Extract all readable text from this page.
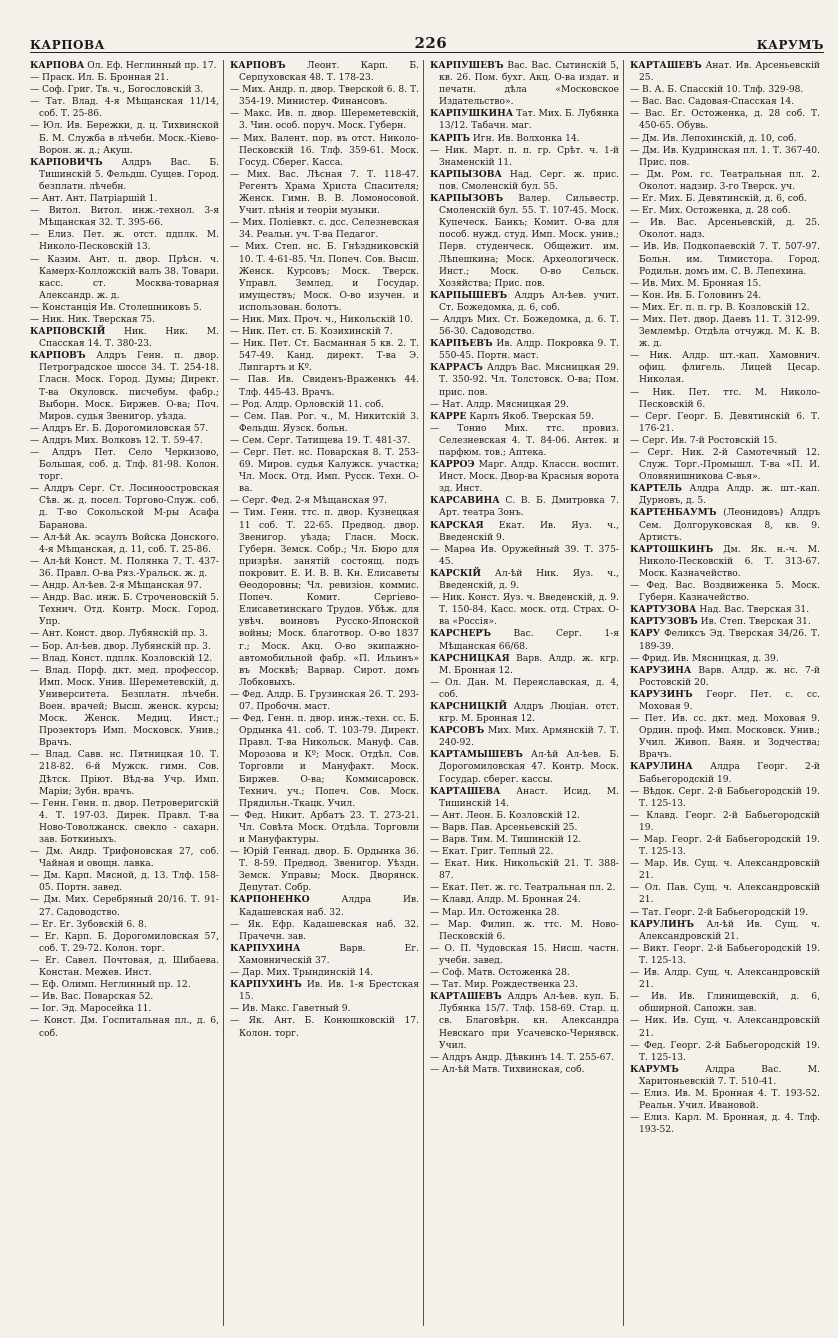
КАРПОВА	226	КАРУМЪ

КАРПОВА Ол. Еф. Неглинный пр. 17.

— Праск. Ил. Б. Бронная 21.

— Соф. Григ. Тв. ч., Богословскій 3.

— Тат. Влад. 4-я Мѣщанская 11/14, соб. Т. 25-86.

— Юл. Ив. Бережки, д. ц. Тихвинской Б. М. Служба в лѣчебн. Моск.-Кіево-Ворон. ж. д.; Акуш.

КАРПОВИЧЪ Алдръ Вас. Б. Тишинскій 5. Фельдш. Сущев. Город. безплатн. лѣчебн.

— Ант. Ант. Патріаршій 1.

— Витол. Витол. инж.-технол. 3-я Мѣщанская 32. Т. 395-66.

— Елиз. Пет. ж. отст. пдплк. М. Николо-Песковскій 13.

— Казим. Ант. п. двор. Прѣсн. ч. Камерх-Колложскій валъ 38. Товари. касс. ст. Москва-товарная Александр. ж. д.

— Констанція Ив. Столешниковъ 5.

— Ник. Ник. Тверская 75.

КАРПОВСКІЙ Ник. Ник. М. Спасская 14. Т. 380-23.

КАРПОВЪ Алдръ Генн. п. двор. Петроградское шоссе 34. Т. 254-18. Гласн. Моск. Город. Думы; Директ. Т-ва Окуловск. писчебум. фабр.; Выборн. Моск. Биржев. О-ва; Поч. Миров. судья Звенигор. уѣзда.

— Алдръ Ег. Б. Дорогомиловская 57.

— Алдръ Мих. Волковъ 12. Т. 59-47.

— Алдръ Пет. Село Черкизово, Большая, соб. д. Тлф. 81-98. Колон. торг.

— Алдръ Серг. Ст. Лосиноостровская Сѣв. ж. д. посел. Торгово-Служ. соб. д. Т-во Сокольской М-ры Асафа Баранова.

— Ал-ѣй Ак. эсаулъ Войска Донского. 4-я Мѣщанская, д. 11, соб. Т. 25-86.

— Ал-ѣй Конст. М. Полянка 7. Т. 437-36. Правл. О-ва Ряз.-Уральск. ж. д.

— Андр. Ал-ѣев. 2-я Мѣщанская 97.

— Андр. Вас. инж. Б. Строченовскій 5. Технич. Отд. Контр. Моск. Город. Упр.

— Ант. Конст. двор. Лубянскій пр. 3.

— Бор. Ал-ѣев. двор. Лубянскій пр. 3.

— Влад. Конст. пдплк. Козловскій 12.

— Влад. Порф. дкт. мед. профессор. Имп. Моск. Унив. Шереметевскій, д. Университета. Безплатн. лѣчебн. Воен. врачей; Высш. женск. курсы; Моск. Женск. Медиц. Инст.; Прозекторъ Имп. Московск. Унив.; Врачъ.

— Влад. Савв. нс. Пятницкая 10. Т. 218-82. 6-й Мужск. гимн. Сов. Дѣтск. Пріют. Вѣд-ва Учр. Имп. Маріи; Зубн. врачъ.

— Генн. Генн. п. двор. Петроверигскій 4. Т. 197-03. Дирек. Правл. Т-ва Ново-Товолжанск. свекло - сахарн. зав. Боткиныхъ.

— Дм. Андр. Трифоновская 27, соб. Чайная и овощн. лавка.

— Дм. Карп. Мясной, д. 13. Тлф. 158-05. Портн. завед.

— Дм. Мих. Серебряный 20/16. Т. 91-27. Садоводство.

— Ег. Ег. Зубовскій 6. 8.

— Ег. Карп. Б. Дорогомиловская 57, соб. Т. 29-72. Колон. торг.

— Ег. Савел. Почтовая, д. Шибаева. Констан. Межев. Инст.

— Еф. Олимп. Неглинный пр. 12.

— Ив. Вас. Поварская 52.

— Іог. Эд. Маросейка 11.

— Конст. Дм. Госпитальная пл., д. 6, соб.

КАРПОВЪ Леонт. Карп. Б. Серпуховская 48. Т. 178-23.

— Мих. Андр. п. двор. Тверской 6. 8. Т. 354-19. Министер. Финансовъ.

— Макс. Ив. п. двор. Шереметевскій, 3. Чин. особ. поруч. Моск. Губерн.

— Мих. Валент. пор. въ отст. Николо-Песковскій 16. Тлф. 359-61. Моск. Госуд. Сберег. Касса.

— Мих. Вас. Лѣсная 7. Т. 118-47. Регентъ Храма Христа Спасителя; Женск. Гимн. В. В. Ломоносовой. Учит. пѣнія и теоріи музыки.

— Мих. Поліевкт. с. дсс. Селезневская 34. Реальн. уч. Т-ва Педагог.

— Мих. Степ. нс. Б. Гнѣздниковскій 10. Т. 4-61-85. Чл. Попеч. Сов. Высш. Женск. Курсовъ; Моск. Тверск. Управл. Землед. и Государ. имуществъ; Моск. О-во изучен. и использован. болотъ.

— Ник. Мих. Проч. ч., Никольскій 10.

— Ник. Пет. ст. Б. Козихинскій 7.

— Ник. Пет. Ст. Басманная 5 кв. 2. Т. 547-49. Канд. директ. Т-ва Э. Липгартъ и Кº.

— Пав. Ив. Свиденъ-Враженкъ 44. Тлф. 445-43. Врачъ.

— Род. Алдр. Орловскій 11. соб.

— Сем. Пав. Рог. ч., М. Никитскій 3. Фельдш. Яузск. больн.

— Сем. Серг. Татищева 19. Т. 481-37.

— Серг. Пет. нс. Поварская 8. Т. 253-69. Миров. судья Калужск. участка; Чл. Моск. Отд. Имп. Русск. Техн. О-ва.

— Серг. Фед. 2-я Мѣщанская 97.

— Тим. Генн. ттс. п. двор. Кузнецкая 11 соб. Т. 22-65. Предвод. двор. Звенигор. уѣзда; Гласн. Моск. Губерн. Земск. Собр.; Чл. Бюро для призрѣн. занятій состоящ. подъ покровит. Е. И. В. В. Кн. Елисаветы Ѳеодоровны; Чл. ревизіон. коммис. Попеч. Комит. Сергіево-Елисаветинскаго Трудов. Убѣж. для увѣч. воиновъ Русско-Японской войны; Моск. благотвор. О-во 1837 г.; Моск. Акц. О-во экипажно-автомобильной фабр. «П. Ильинъ» въ Москвѣ; Варвар. Сирот. домъ Лобковыхъ.

— Фед. Алдр. Б. Грузинская 26. Т. 293-07. Пробочн. маст.

— Фед. Генн. п. двор. инж.-техн. сс. Б. Ордынка 41. соб. Т. 103-79. Директ. Правл. Т-ва Никольск. Мануф. Сав. Морозова и Кº; Моск. Отдѣл. Сов. Торговли и Мануфакт. Моск. Биржев. О-ва; Коммисаровск. Технич. уч.; Попеч. Сов. Моск. Прядильн.-Ткацк. Учил.

— Фед. Никит. Арбатъ 23. Т. 273-21. Чл. Совѣта Моск. Отдѣла. Торговли и Мануфактуры.

— Юрій Геннад. двор. Б. Ордынка 36. Т. 8-59. Предвод. Звенигор. Уѣздн. Земск. Управы; Моск. Дворянск. Депутат. Собр.

КАРПОНЕНКО Алдра Ив. Кадашевская наб. 32.

— Як. Ефр. Кадашевская наб. 32. Прачечн. зав.

КАРПУХИНА Варв. Ег. Хамовническій 37.

— Дар. Мих. Трындинскій 14.

КАРПУХИНЪ Ив. Ив. 1-я Брестская 15.

— Ив. Макс. Гаветный 9.

— Як. Ант. Б. Конюшковскій 17. Колон. торг.

КАРПУШЕВЪ Вас. Вас. Сытинскій 5, кв. 26. Пом. бухг. Акц. О-ва издат. и печатн. дѣла «Московское Издательство».

КАРПУШКИНА Тат. Мих. Б. Лубянка 13/12. Табачн. маг.

КАРПЪ Игн. Ив. Волхонка 14.

— Ник. Март. п. п. гр. Срѣт. ч. 1-й Знаменскій 11.

КАРПЫЗОВА Над. Серг. ж. прис. пов. Смоленскій бул. 55.

КАРПЫЗОВЪ Валер. Сильвестр. Смоленскій бул. 55. Т. 107-45. Моск. Купеческ. Банкъ; Комит. О-ва для пособ. нужд. студ. Имп. Моск. унив.; Перв. студенческ. Общежит. им. Лѣпешкина; Моск. Археологическ. Инст.; Моск. О-во Сельск. Хозяйства; Прис. пов.

КАРПЫШЕВЪ Алдръ Ал-ѣев. учит. Ст. Божедомка, д. 6, соб.

— Алдръ Мих. Ст. Божедомка, д. 6. Т. 56-30. Садоводство.

КАРПѢЕВЪ Ив. Алдр. Покровка 9. Т. 550-45. Портн. маст.

КАРРАСЪ Алдръ Вас. Мясницкая 29. Т. 350-92. Чл. Толстовск. О-ва; Пом. прис. пов.

— Нат. Алдр. Мясницкая 29.

КАРРЕ Карлъ Якоб. Тверская 59.

— Тонио Мих. ттс. провиз. Селезневская 4. Т. 84-06. Антек. и парфюм. тов.; Аптека.

КАРРОЭ Марг. Алдр. Классн. воспит. Инст. Моск. Двор-ва Красныя ворота зд. Инст.

КАРСАВИНА С. В. Б. Дмитровка 7. Арт. театра Зонъ.

КАРСКАЯ Екат. Ив. Яуз. ч., Введенскій 9.

— Марѳа Ив. Оружейный 39. Т. 375-45.

КАРСКІЙ Ал-ѣй Ник. Яуз. ч., Введенскій, д. 9.

— Ник. Конст. Яуз. ч. Введенскій, д. 9. Т. 150-84. Касс. моск. отд. Страх. О-ва «Россія».

КАРСНЕРЪ Вас. Серг. 1-я Мѣщанская 66/68.

КАРСНИЦКАЯ Варв. Алдр. ж. кгр. М. Бронная 12.

— Ол. Дан. М. Переяславская, д. 4, соб.

КАРСНИЦКІЙ Алдръ Люціан. отст. кгр. М. Бронная 12.

КАРСОВЪ Мих. Мих. Армянскій 7. Т. 240-92.

КАРТАМЫШЕВЪ Ал-ѣй Ал-ѣев. Б. Дорогомиловская 47. Контр. Моск. Государ. сберег. кассы.

КАРТАШЕВА Анаст. Исид. М. Тишинскій 14.

— Ант. Леон. Б. Козловскій 12.

— Варв. Пав. Арсеньевскій 25.

— Варв. Тим. М. Тишинскій 12.

— Екат. Григ. Теплый 22.

— Екат. Ник. Никольскій 21. Т. 388-87.

— Екат. Пет. ж. гс. Театральная пл. 2.

— Клавд. Алдр. М. Бронная 24.

— Мар. Ил. Остоженка 28.

— Мар. Филип. ж. ттс. М. Ново-Песковскій 6.

— О. П. Чудовская 15. Нисш. частн. учебн. завед.

— Соф. Матв. Остоженка 28.

— Тат. Мир. Рождественка 23.

КАРТАШЕВЪ Алдръ Ал-ѣев. куп. Б. Лубянка 15/7. Тлф. 158-69. Стар. ц. св. Благовѣрн. кн. Александра Невскаго при Усачевско-Чернявск. Учил.

— Алдръ Андр. Дѣвкинъ 14. Т. 255-67.

— Ал-ѣй Матв. Тихвинская, соб.

КАРТАШЕВЪ Анат. Ив. Арсеньевскій 25.

— В. А. Б. Спасскій 10. Тлф. 329-98.

— Вас. Вас. Садовая-Спасская 14.

— Вас. Ег. Остоженка, д. 28 соб. Т. 450-65. Обувь.

— Дм. Ив. Лепохинскій, д. 10, соб.

— Дм. Ив. Кудринская пл. 1. Т. 367-40. Прис. пов.

— Дм. Ром. гс. Театральная пл. 2. Околот. надзир. 3-го Тверск. уч.

— Ег. Мих. Б. Девятинскій, д. 6, соб.

— Ег. Мих. Остоженка, д. 28 соб.

— Ив. Вас. Арсеньевскій, д. 25. Околот. надз.

— Ив. Ив. Подкопаевскій 7. Т. 507-97. Больн. им. Тимистора. Город. Родильн. домъ им. С. В. Лепехина.

— Ив. Мих. М. Бронная 15.

— Кон. Ив. Б. Головинъ 24.

— Мих. Ег. п. п. гр. В. Козловскій 12.

— Мих. Пет. двор. Даевъ 11. Т. 312-99. Землемѣр. Отдѣла отчужд. М. К. В. ж. д.

— Ник. Алдр. шт.-кап. Хамовнич. офиц. флигель. Лицей Цесар. Николая.

— Ник. Пет. ттс. М. Николо-Песковскій 6.

— Серг. Георг. Б. Девятинскій 6. Т. 176-21.

— Серг. Ив. 7-й Ростовскій 15.

— Серг. Ник. 2-й Самотечный 12. Служ. Торг.-Промышл. Т-ва «П. И. Оловянишникова С-вья».

КАРТЕЛЬ Алдра Алдр. ж. шт.-кап. Дурновъ, д. 5.

КАРТЕНБАУМЪ (Леонидовъ) Алдръ Сем. Долгоруковская 8, кв. 9. Артистъ.

КАРТОШКИНЪ Дм. Як. н.-ч. М. Николо-Песковскій 6. Т. 313-67. Моск. Казначейство.

— Фед. Вас. Воздвиженка 5. Моск. Губерн. Казначейство.

КАРТУЗОВА Над. Вас. Тверская 31.

КАРТУЗОВЪ Ив. Степ. Тверская 31.

КАРУ Феликсъ Эд. Тверская 34/26. Т. 189-39.

— Фрид. Ив. Мясницкая, д. 39.

КАРУЗИНА Варв. Алдр. ж. нс. 7-й Ростовскій 20.

КАРУЗИНЪ Георг. Пет. с. сс. Моховая 9.

— Пет. Ив. сс. дкт. мед. Моховая 9. Ордин. проф. Имп. Московск. Унив.; Учил. Живоп. Ваян. и Зодчества; Врачъ.

КАРУЛИНА Алдра Георг. 2-й Бабьегородскій 19.

— Вѣдок. Серг. 2-й Бабьегородскій 19. Т. 125-13.

— Клавд. Георг. 2-й Бабьегородскій 19.

— Мар. Георг. 2-й Бабьегородскій 19. Т. 125-13.

— Мар. Ив. Сущ. ч. Александровскій 21.

— Ол. Пав. Сущ. ч. Александровскій 21.

— Тат. Георг. 2-й Бабьегородскій 19.

КАРУЛИНЪ Ал-ѣй Ив. Сущ. ч. Александровскій 21.

— Викт. Георг. 2-й Бабьегородскій 19. Т. 125-13.

— Ив. Алдр. Сущ. ч. Александровскій 21.

— Ив. Ив. Глинищевскій, д. 6, обширной. Сапожн. зав.

— Ник. Ив. Сущ. ч. Александровскій 21.

— Фед. Георг. 2-й Бабьегородскій 19. Т. 125-13.

КАРУМЪ Алдра Вас. М. Харитоньевскій 7. Т. 510-41.

— Елиз. Ив. М. Бронная 4. Т. 193-52. Реальн. Учил. Ивановой.

— Елиз. Карл. М. Бронная, д. 4. Тлф. 193-52.
